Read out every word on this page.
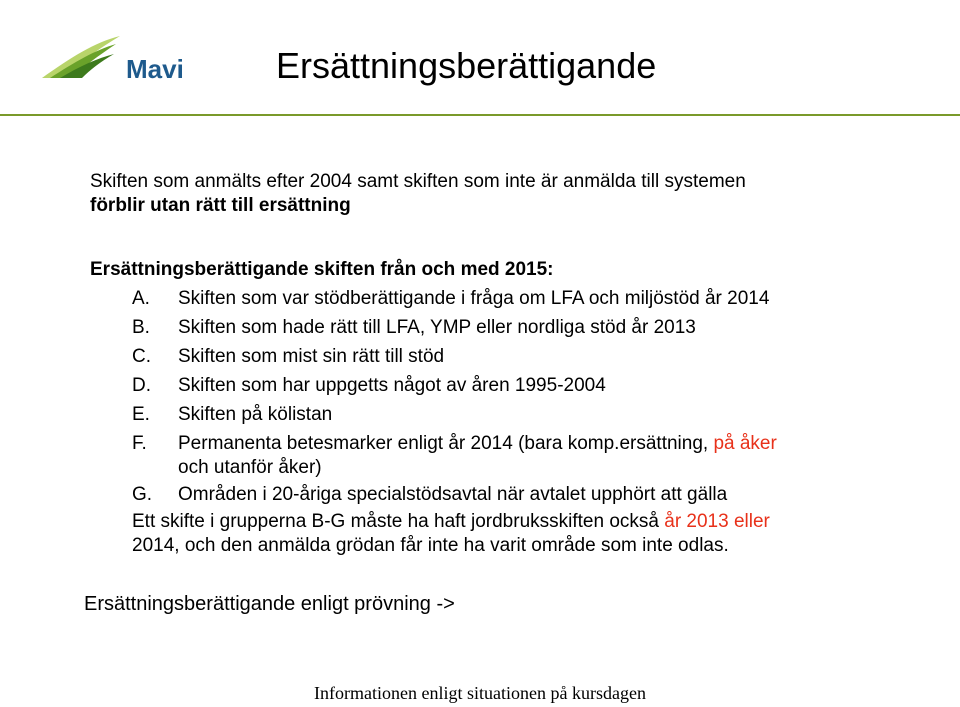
Mavi	Ersättningsberättigande
Skiften som anmälts efter 2004 samt skiften som inte är anmälda till systemen
förblir utan rätt till ersättning
Ersättningsberättigande skiften från och med 2015:
A. Skiften som var stödberättigande i fråga om LFA och miljöstöd år 2014
B. Skiften som hade rätt till LFA, YMP eller nordliga stöd år 2013
C. Skiften som mist sin rätt till stöd
D. Skiften som har uppgetts något av åren 1995-2004
E. Skiften på kölistan
F. Permanenta betesmarker enligt år 2014 (bara komp.ersättning, på åker
och utanför åker)
G. Områden i 20-åriga specialstödsavtal när avtalet upphört att gälla
Ett skifte i grupperna B-G måste ha haft jordbruksskiften också år 2013 eller
2014, och den anmälda grödan får inte ha varit område som inte odlas.
Ersättningsberättigande enligt prövning ->
Informationen enligt situationen på kursdagen
